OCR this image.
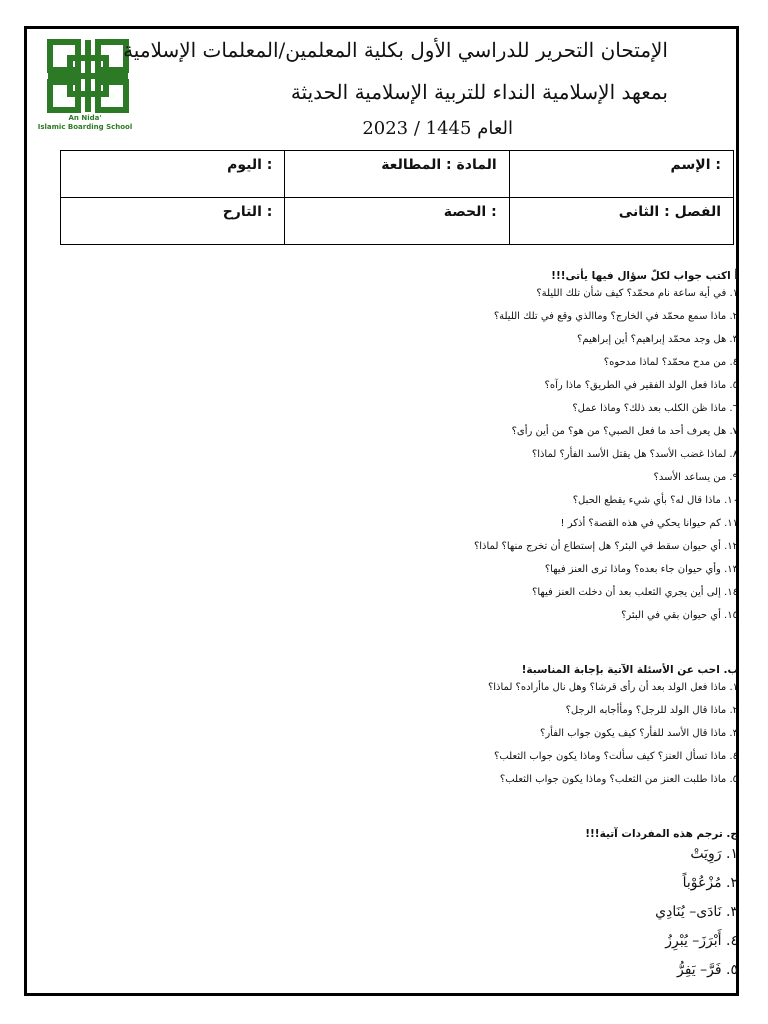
An Nida'
Islamic Boarding School
الإمتحان التحرير للدراسي الأول بكلية المعلمين/المعلمات الإسلامية
بمعهد الإسلامية النداء للتربية الإسلامية الحديثة
العام 1445 / 2023
: الإسم	المادة : المطالعة	: اليوم
الفصل : الثانى	: الحصة	: التارح
أ اكتب جواب لكلّ سؤال فيها يأتى!!!
١. في أية ساعة نام محمّد؟ كيف شأن تلك الليلة؟
٢. ماذا سمع محمّد في الخارج؟ وماالذي وقع في تلك الليلة؟
٣. هل وجد محمّد إبراهيم؟ أين إبراهيم؟
٤. من مدح محمّد؟ لماذا مدحوه؟
٥. ماذا فعل الولد الفقير في الطريق؟ ماذا رآه؟
٦. ماذا ظن الكلب بعد ذلك؟ وماذا عمل؟
٧. هل يعرف أحد ما فعل الصبي؟ من هو؟ من أين رأى؟
٨. لماذا غضب الأسد؟ هل يقتل الأسد الفأر؟ لماذا؟
٩. من يساعد الأسد؟
١٠. ماذا قال له؟ بأي شيء يقطع الحبل؟
١١. كم حيوانا يحكي في هذه القصة؟ أذكر !
١٢. أي حيوان سقط في البئر؟ هل إستطاع أن تخرج منها؟ لماذا؟
١٣. وأي حيوان جاء بعده؟ وماذا ترى العنز فيها؟
١٤. إلى أين يجري الثعلب بعد أن دخلت العنز فيها؟
١٥. أي حيوان بقي في البئر؟
ب. احب عن الأسئلة الآتية بإجابة المناسبة!
١. ماذا فعل الولد بعد أن رأى قرشا؟ وهل نال ماأراده؟ لماذا؟
٢. ماذا قال الولد للرجل؟ ومأأجابه الرجل؟
٣. ماذا قال الأسد للفأر؟ كيف يكون جواب الفأر؟
٤. ماذا تسأل العنز؟ كيف سألت؟ وماذا يكون جواب الثعلب؟
٥. ماذا طلبت العنز من الثعلب؟ وماذا يكون جواب الثعلب؟
ج. ترجم هذه المفردات آتية!!!
١. رَوِيَتْ
٢. مُزْعُوْباً
٣. نَادَى– يُنَادِي
٤. أَبْرَزَ– يُبْرِزُ
٥. فَرَّ– يَفِرُّ
